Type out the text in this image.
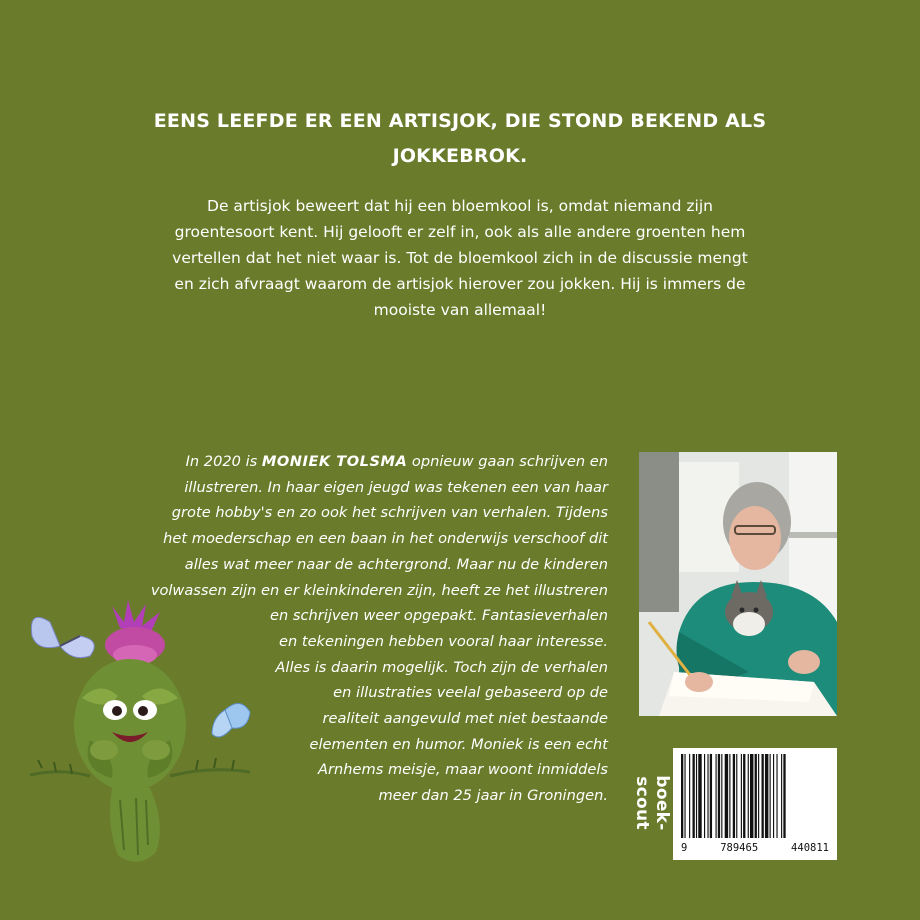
EENS LEEFDE ER EEN ARTISJOK, DIE STOND BEKEND ALS
JOKKEBROK.
De artisjok beweert dat hij een bloemkool is, omdat niemand zijn
groentesoort kent. Hij gelooft er zelf in, ook als alle andere groenten hem
vertellen dat het niet waar is. Tot de bloemkool zich in de discussie mengt
en zich afvraagt waarom de artisjok hierover zou jokken. Hij is immers de
mooiste van allemaal!
In 2020 is MONIEK TOLSMA opnieuw gaan schrijven en
illustreren. In haar eigen jeugd was tekenen een van haar
grote hobby's en zo ook het schrijven van verhalen. Tijdens
het moederschap en een baan in het onderwijs verschoof dit
alles wat meer naar de achtergrond. Maar nu de kinderen
volwassen zijn en er kleinkinderen zijn, heeft ze het illustreren
en schrijven weer opgepakt. Fantasieverhalen
en tekeningen hebben vooral haar interesse.
Alles is daarin mogelijk. Toch zijn de verhalen
en illustraties veelal gebaseerd op de
realiteit aangevuld met niet bestaande
elementen en humor. Moniek is een echt
Arnhems meisje, maar woont inmiddels
meer dan 25 jaar in Groningen.	boek-scout
9	789465	440811
